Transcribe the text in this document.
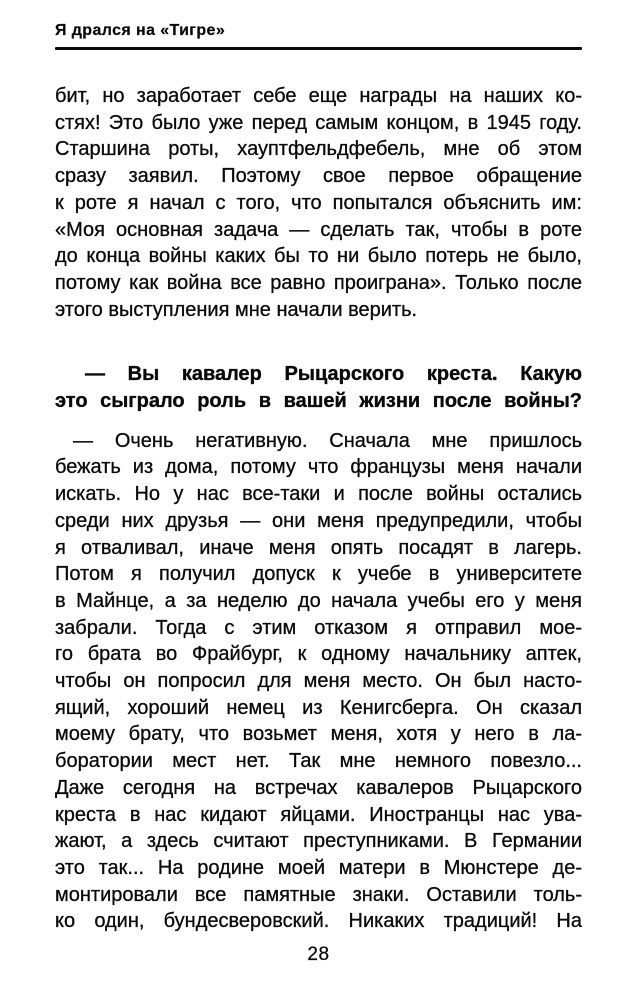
Я дрался на «Тигре»
бит, но заработает себе еще награды на наших ко-
стях! Это было уже перед самым концом, в 1945 году.
Старшина роты, хауптфельдфебель, мне об этом
сразу заявил. Поэтому свое первое обращение
к роте я начал с того, что попытался объяснить им:
«Моя основная задача — сделать так, чтобы в роте
до конца войны каких бы то ни было потерь не было,
потому как война все равно проиграна». Только после
этого выступления мне начали верить.
— Вы кавалер Рыцарского креста. Какую
это сыграло роль в вашей жизни после войны?
— Очень негативную. Сначала мне пришлось
бежать из дома, потому что французы меня начали
искать. Но у нас все-таки и после войны остались
среди них друзья — они меня предупредили, чтобы
я отваливал, иначе меня опять посадят в лагерь.
Потом я получил допуск к учебе в университете
в Майнце, а за неделю до начала учебы его у меня
забрали. Тогда с этим отказом я отправил мое-
го брата во Фрайбург, к одному начальнику аптек,
чтобы он попросил для меня место. Он был насто-
ящий, хороший немец из Кенигсберга. Он сказал
моему брату, что возьмет меня, хотя у него в ла-
боратории мест нет. Так мне немного повезло...
Даже сегодня на встречах кавалеров Рыцарского
креста в нас кидают яйцами. Иностранцы нас ува-
жают, а здесь считают преступниками. В Германии
это так... На родине моей матери в Мюнстере де-
монтировали все памятные знаки. Оставили толь-
ко один, бундесверовский. Никаких традиций! На
28
